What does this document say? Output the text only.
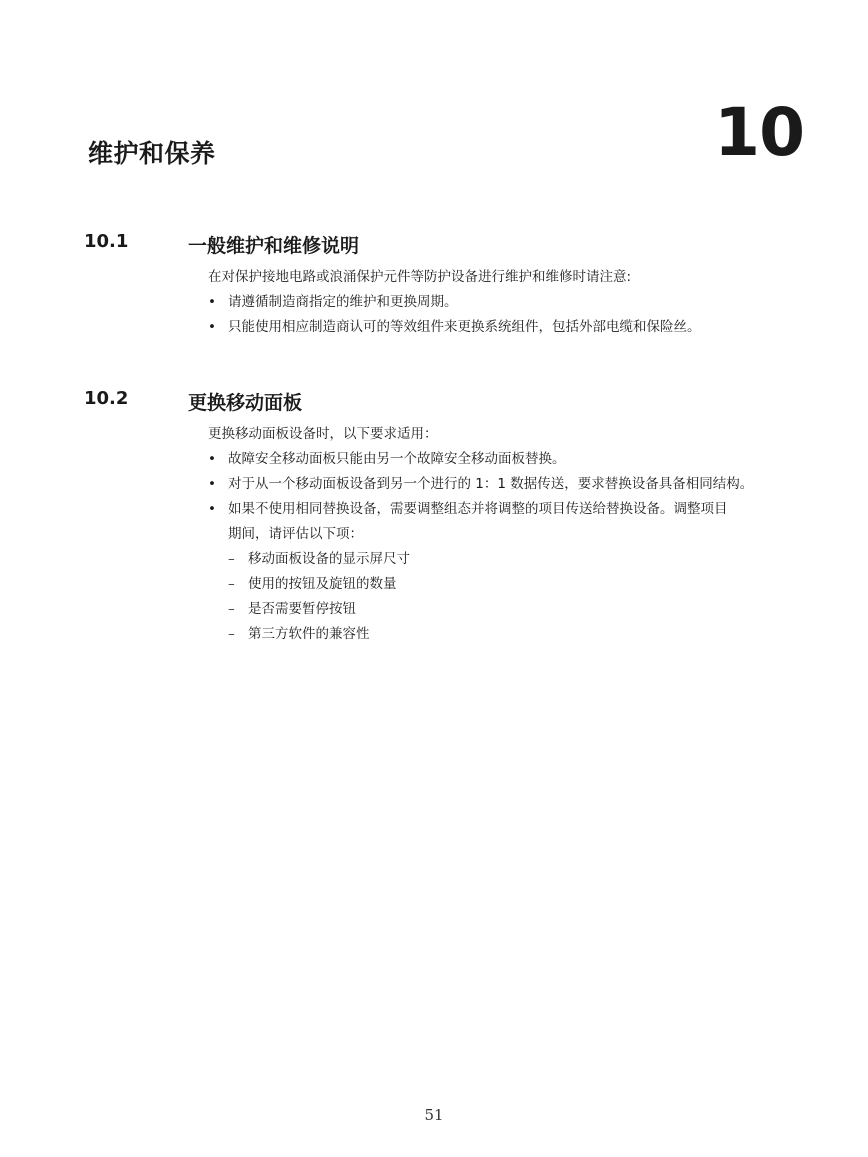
维护和保养	10
10.1	一般维护和维修说明

在对保护接地电路或浪涌保护元件等防护设备进行维护和维修时请注意:

• 请遵循制造商指定的维护和更换周期。
• 只能使用相应制造商认可的等效组件来更换系统组件，包括外部电缆和保险丝。
10.2	更换移动面板

更换移动面板设备时，以下要求适用：

• 故障安全移动面板只能由另一个故障安全移动面板替换。
• 对于从一个移动面板设备到另一个进行的 1：1 数据传送，要求替换设备具备相同结构。
• 如果不使用相同替换设备，需要调整组态并将调整的项目传送给替换设备。调整项目
期间，请评估以下项：
– 移动面板设备的显示屏尺寸
– 使用的按钮及旋钮的数量
– 是否需要暂停按钮
– 第三方软件的兼容性
51
